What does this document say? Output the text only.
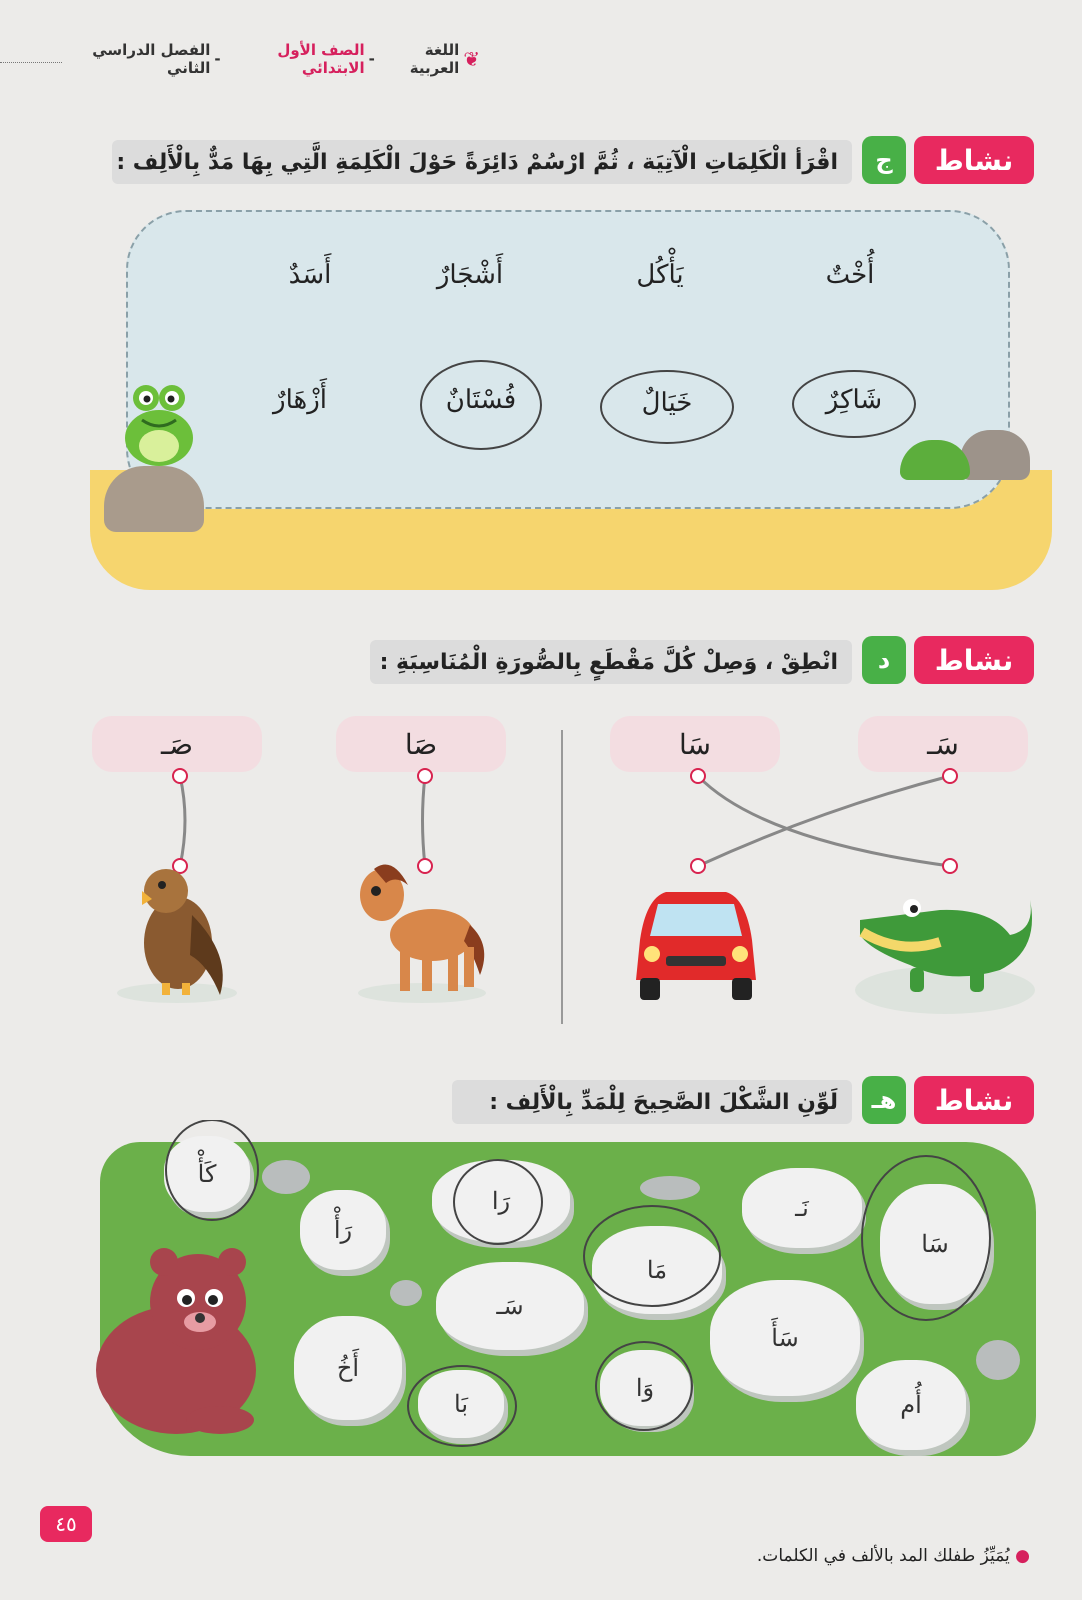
❦
اللغة العربية
-
الصف الأول الابتدائي
-
الفصل الدراسي الثاني
نشاط
ج
اقْرَأ الْكَلِمَاتِ الْآتِيَة ، ثُمَّ ارْسُمْ دَائِرَةً حَوْلَ الْكَلِمَةِ الَّتِي بِهَا مَدٌّ بِالْأَلِف :
أُخْتٌ
يَأْكُل
أَشْجَارٌ
أَسَدٌ
شَاكِرٌ
خَيَالٌ
فُسْتَانٌ
أَزْهَارٌ
نشاط
د
انْطِقْ ، وَصِلْ كُلَّ مَقْطَعٍ بِالصُّورَةِ الْمُنَاسِبَةِ :
سَـ
سَا
صَا
صَـ
نشاط
هـ
لَوِّنِ الشَّكْلَ الصَّحِيحَ لِلْمَدِّ بِالْأَلِف :
كَأْ
رَأْ
رَا	نَـ
سَا
مَا
سَـ
أَخُ
سَأَ
بَا
وَا
أُم
٤٥
● يُمَيِّزُ طفلك المد بالألف في الكلمات.
